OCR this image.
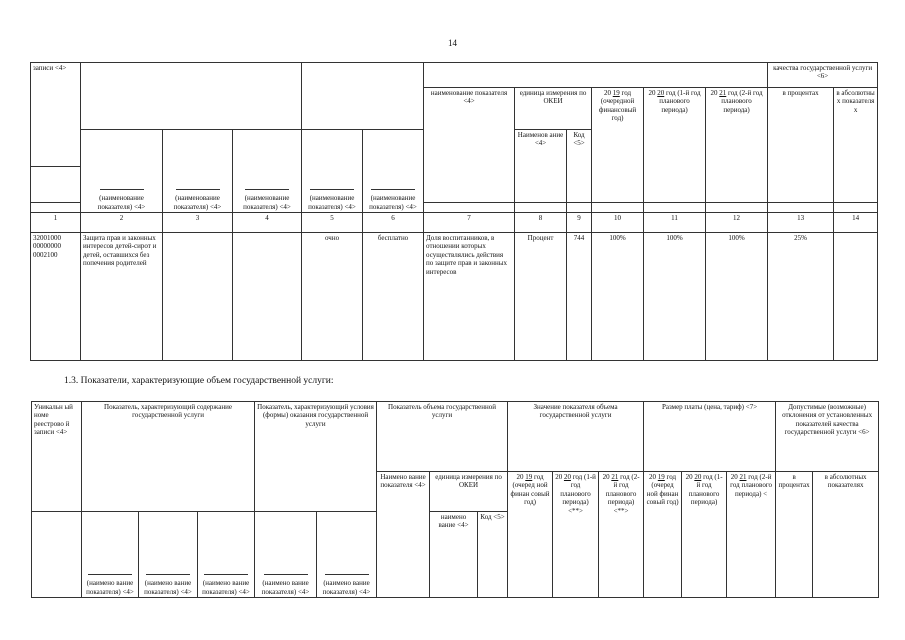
14
записи <4>												качества государственной услуги <6>	
						наименование показателя <4>	единица измерения по ОКЕИ		20 19 год (очередной финансовый год)	20 20 год (1-й год планового периода)	20 21 год (2-й год планового периода)	в процентах	в абсолютны х показателя х

(наименование показателя) <4>	(наименование показателя) <4>	(наименование показателя) <4>	(наименование показателя) <4>	(наименование показателя) <4>		Наименов ание <4>	Код <5>					

1	2	3	4	5	6	7	8	9	10	11	12	13	14
32001000 00000000 0002100	Защита прав и законных интересов детей-сирот и детей, оставшихся без попечения родителей			очно	бесплатно	Доля воспитанников, в отношении которых осуществлялись действия по защите прав и законных интересов	Процент	744	100%	100%	100%	25%	
1.3. Показатели, характеризующие объем государственной услуги:
Уникальн ый номе реестрово й записи <4>	Показатель, характеризующий содержание государственной услуги			Показатель, характеризующий условия (формы) оказания государственной услуги		Показатель объема государственной услуги			Значение показателя объема государственной услуги			Размер платы (цена, тариф) <7>			Допустимые (возможные) отклонения от установленных показателей качества государственной услуги <6>	
						Наимено вание показателя <4>	единица измерения по ОКЕИ		20 19 год (очеред ной финан совый год)	20 20 год (1-й год планового периода) <**>	20 21 год (2-й год планового периода) <**>	20 19 год (очеред ной финан совый год)	20 20 год (1-й год планового периода)	20 21 год (2-й год планового периода) <	в процентах	в абсолютных показателях

(наимено вание показателя) <4>	(наимено вание показателя) <4>	(наимено вание показателя) <4>	(наимено вание показателя) <4>	(наимено вание показателя) <4>		наимено вание <4>	Код <5>								
